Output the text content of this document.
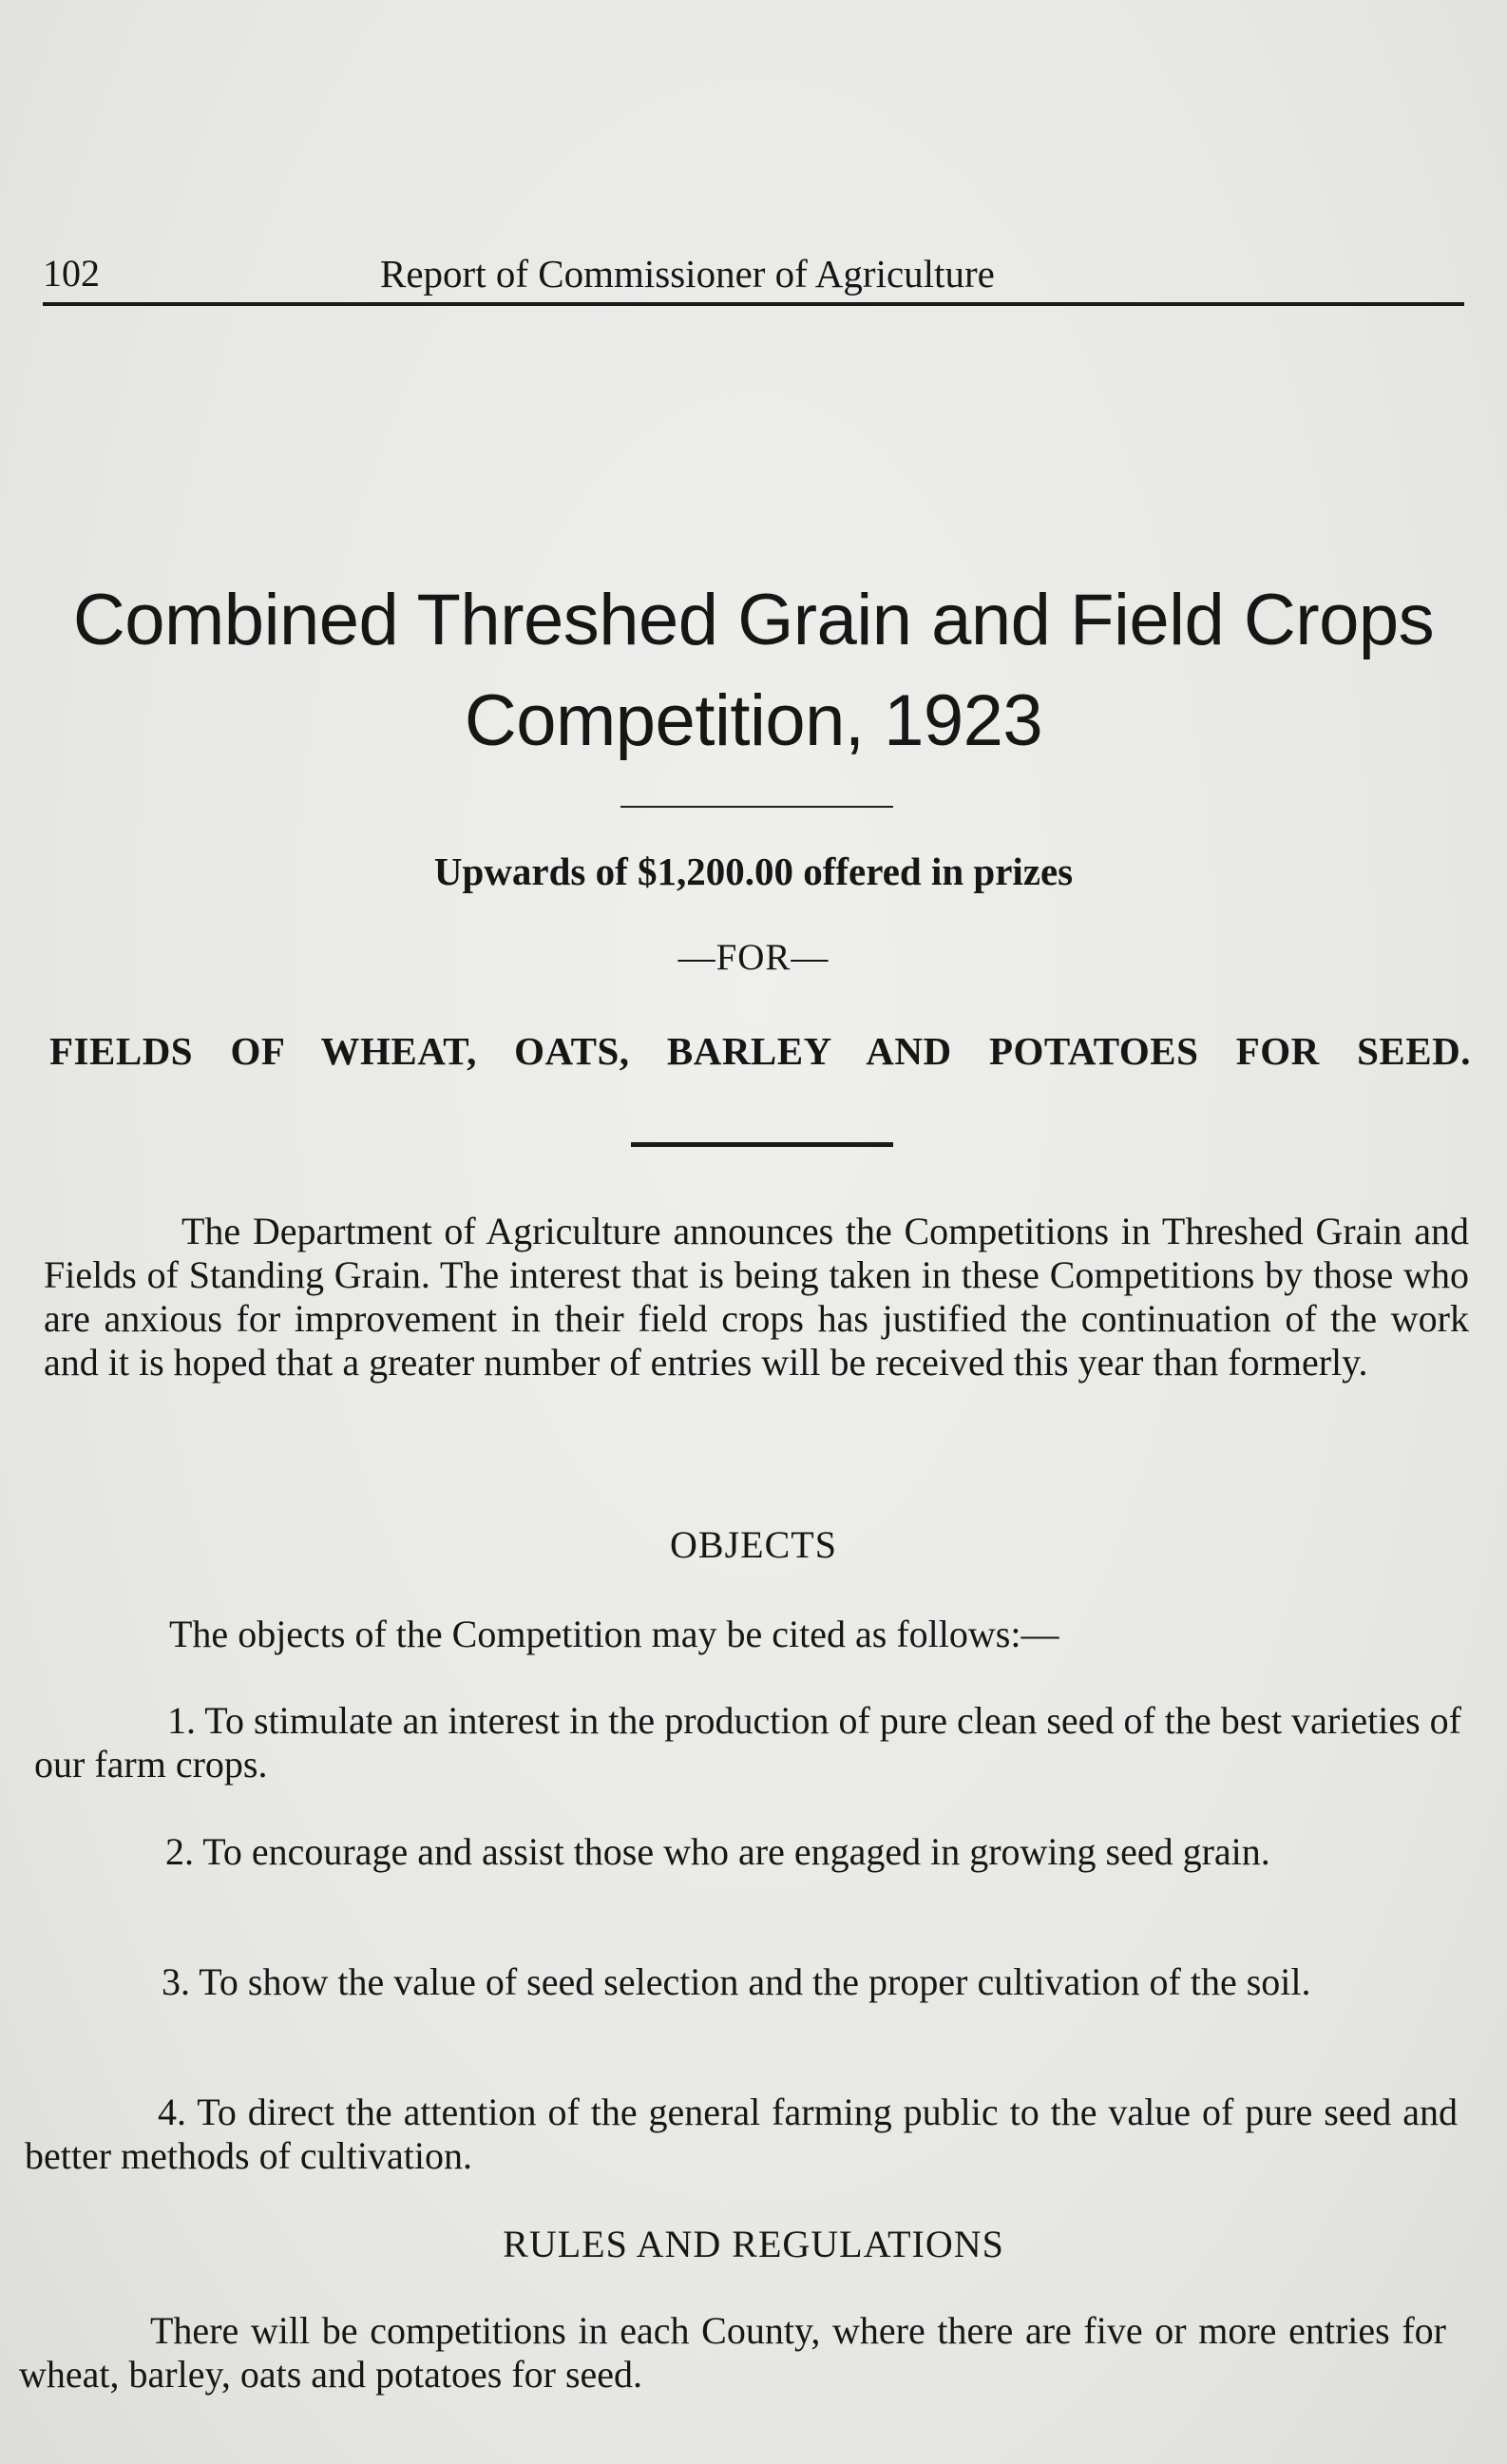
102	Report of Commissioner of Agriculture
Combined Threshed Grain and Field Crops
Competition, 1923

Upwards of $1,200.00 offered in prizes

—FOR—

FIELDS OF WHEAT, OATS, BARLEY AND POTATOES FOR SEED.

The Department of Agriculture announces the Competitions in Threshed Grain and Fields of Standing Grain. The interest that is being taken in these Competitions by those who are anxious for improvement in their field crops has justified the continuation of the work and it is hoped that a greater number of entries will be received this year than formerly.

OBJECTS

The objects of the Competition may be cited as follows:—

1. To stimulate an interest in the production of pure clean seed of the best varieties of our farm crops.

2. To encourage and assist those who are engaged in growing seed grain.

3. To show the value of seed selection and the proper cultivation of the soil.

4. To direct the attention of the general farming public to the value of pure seed and better methods of cultivation.

RULES AND REGULATIONS

There will be competitions in each County, where there are five or more entries for wheat, barley, oats and potatoes for seed.
